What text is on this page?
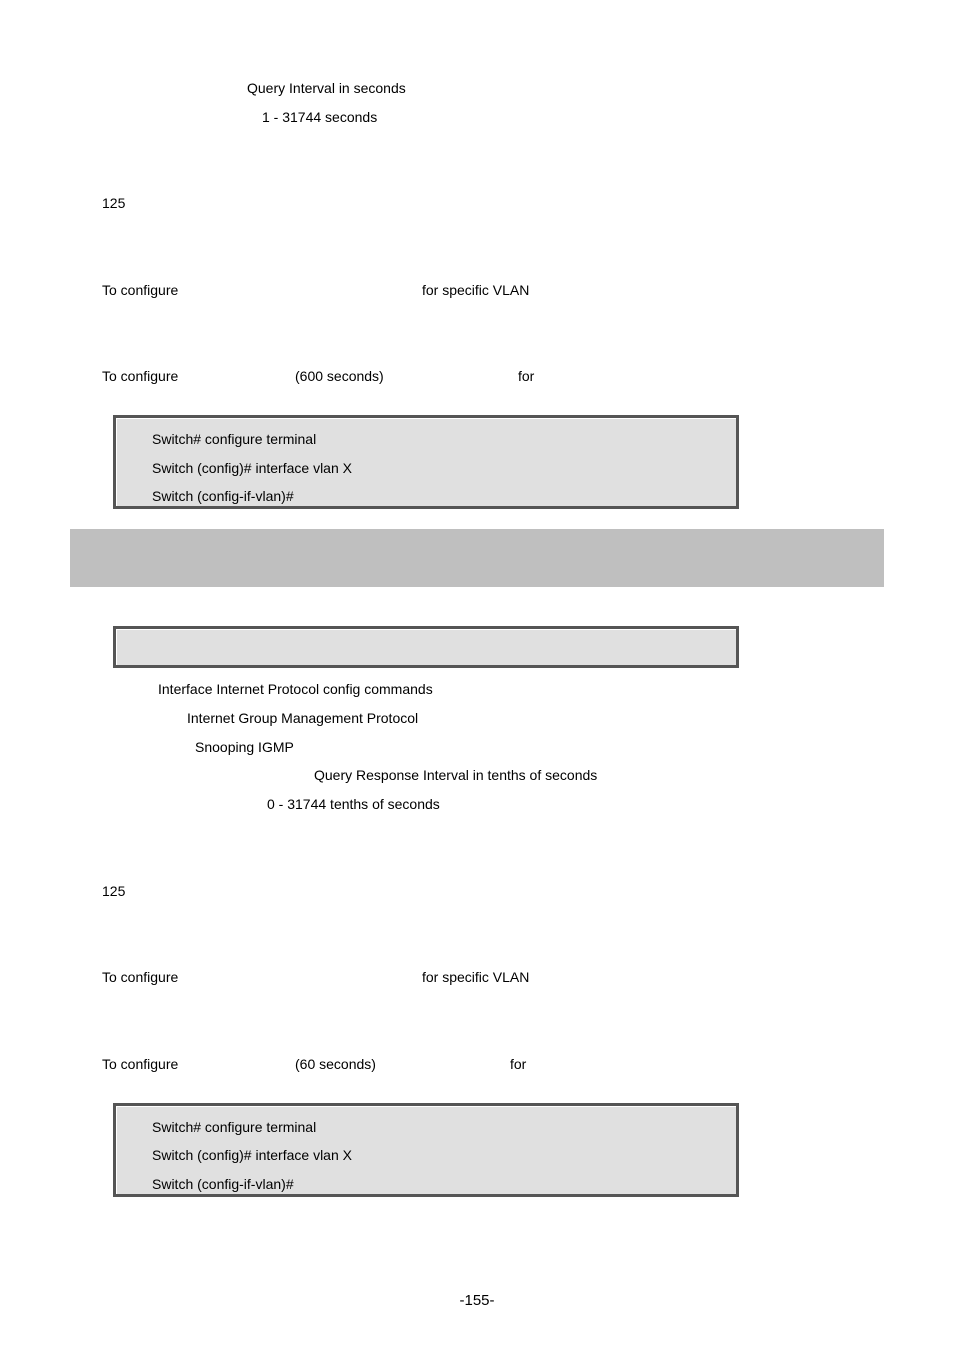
Query Interval in seconds
1 - 31744 seconds
125
To configure	for specific VLAN
To configure	(600 seconds)	for
Switch# configure terminal
Switch (config)# interface vlan X
Switch (config-if-vlan)#
Interface Internet Protocol config commands
Internet Group Management Protocol
Snooping IGMP
Query Response Interval in tenths of seconds
0 - 31744 tenths of seconds
125
To configure	for specific VLAN
To configure	(60 seconds)	for
Switch# configure terminal
Switch (config)# interface vlan X
Switch (config-if-vlan)#
-155-
